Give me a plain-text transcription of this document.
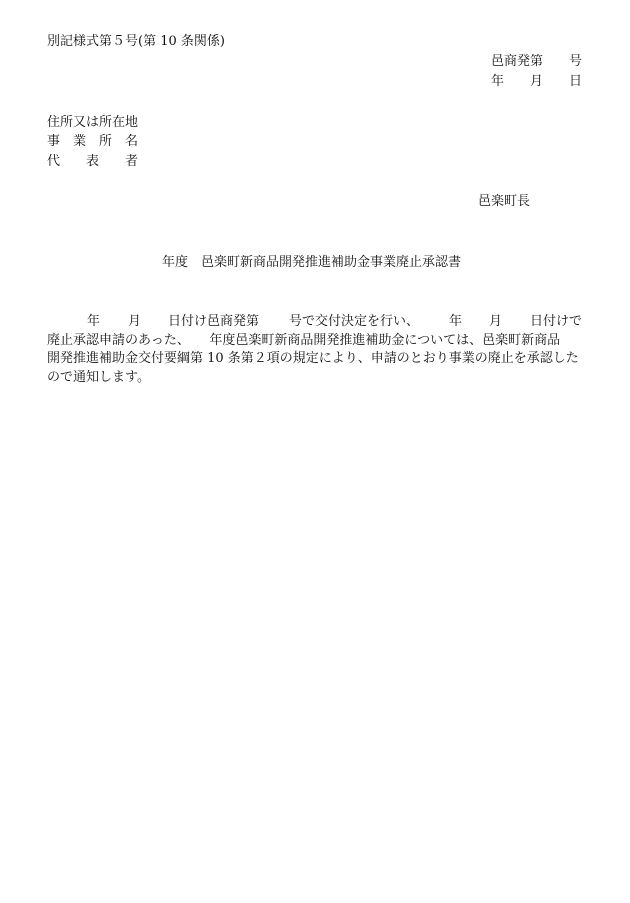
別記様式第５号(第 10 条関係)
邑商発第　　号
年　　月　　日
住所又は所在地
事　業　所　名
代　　表　　者
邑楽町長
年度　邑楽町新商品開発推進補助金事業廃止承認書

年

月

日付け邑商発第

号で交付決定を行い、

年

月

日付けで

廃止承認申請のあった、　　年度邑楽町新商品開発推進補助金については、邑楽町新商品
開発推進補助金交付要綱第 10 条第２項の規定により、申請のとおり事業の廃止を承認した
ので通知します。
